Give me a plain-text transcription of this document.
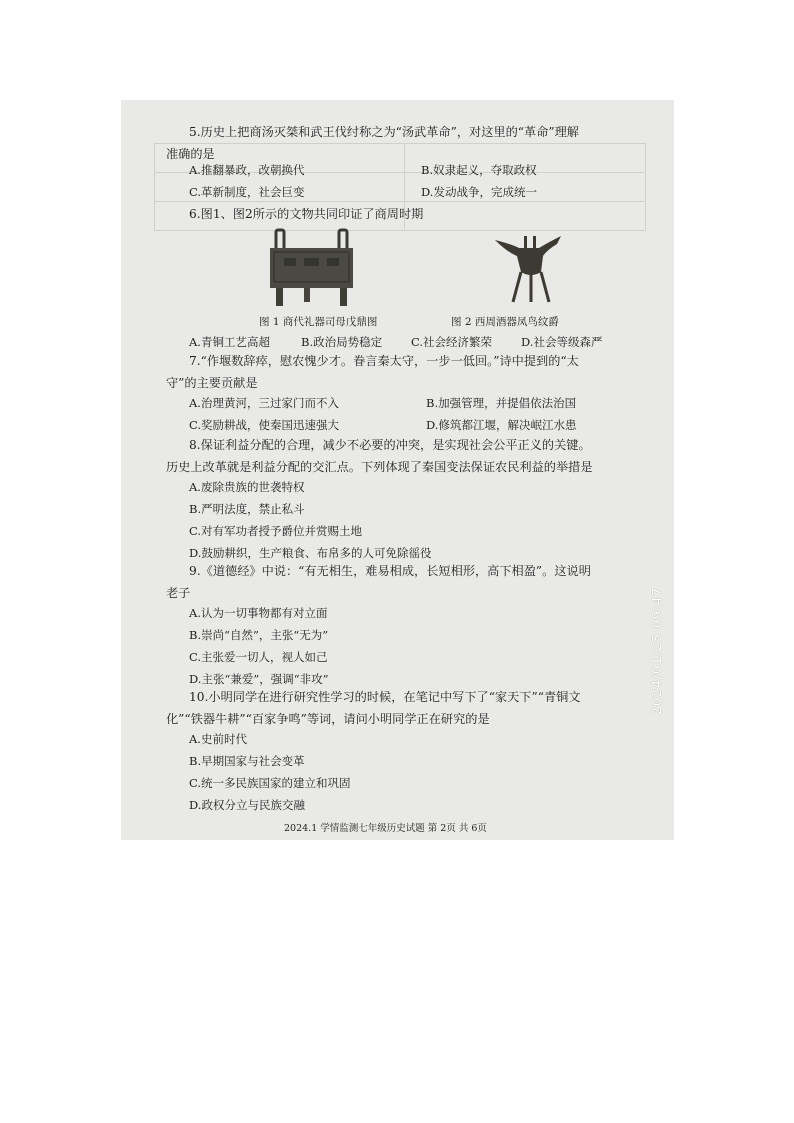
5.历史上把商汤灭桀和武王伐纣称之为“汤武革命”，对这里的“革命”理解
准确的是
A.推翻暴政，改朝换代	B.奴隶起义，夺取政权
C.革新制度，社会巨变	D.发动战争，完成统一
6.图1、图2所示的文物共同印证了商周时期
图 1 商代礼器司母戊鼎图	图 2 西周酒器凤鸟纹爵
A.青铜工艺高超	B.政治局势稳定	C.社会经济繁荣	D.社会等级森严
7.“作堰数辞瘁，慰农愧少才。眷言秦太守，一步一低回。”诗中提到的“太
守”的主要贡献是
A.治理黄河，三过家门而不入	B.加强管理，并提倡依法治国
C.奖励耕战，使秦国迅速强大	D.修筑都江堰，解决岷江水患
8.保证利益分配的合理，减少不必要的冲突，是实现社会公平正义的关键。
历史上改革就是利益分配的交汇点。下列体现了秦国变法保证农民利益的举措是
A.废除贵族的世袭特权
B.严明法度，禁止私斗
C.对有军功者授予爵位并赏赐土地
D.鼓励耕织，生产粮食、布帛多的人可免除徭役
9.《道德经》中说：“有无相生，难易相成，长短相形，高下相盈”。这说明
老子
A.认为一切事物都有对立面
B.崇尚“自然”，主张“无为”
C.主张爱一切人，视人如己
D.主张“兼爱”，强调“非攻”
10.小明同学在进行研究性学习的时候，在笔记中写下了“家天下”“青铜文
化”“铁器牛耕”“百家争鸣”等词，请问小明同学正在研究的是
A.史前时代
B.早期国家与社会变革
C.统一多民族国家的建立和巩固
D.政权分立与民族交融
2024.1 学情监测七年级历史试题 第 2页 共 6页
2024/01/25 09:47
